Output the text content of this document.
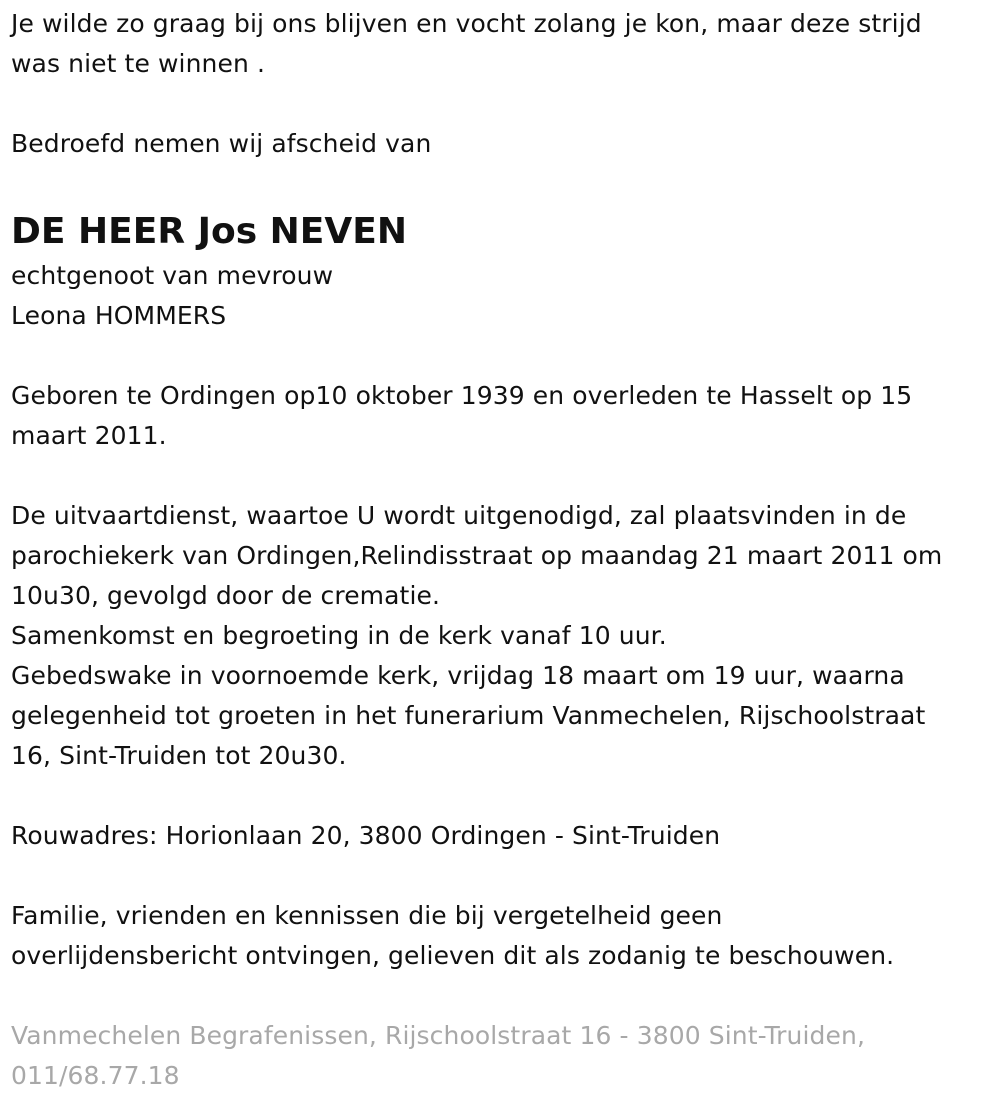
Je wilde zo graag bij ons blijven en vocht zolang je kon, maar deze strijd

was niet te winnen .

Bedroefd nemen wij afscheid van

DE HEER Jos NEVEN

echtgenoot van mevrouw

Leona HOMMERS

Geboren te Ordingen op10 oktober 1939 en overleden te Hasselt op 15

maart 2011.

De uitvaartdienst, waartoe U wordt uitgenodigd, zal plaatsvinden in de

parochiekerk van Ordingen,Relindisstraat op maandag 21 maart 2011 om

10u30, gevolgd door de crematie.

Samenkomst en begroeting in de kerk vanaf 10 uur.

Gebedswake in voornoemde kerk, vrijdag 18 maart om 19 uur, waarna

gelegenheid tot groeten in het funerarium Vanmechelen, Rijschoolstraat

16, Sint-Truiden tot 20u30.

Rouwadres: Horionlaan 20, 3800 Ordingen - Sint-Truiden

Familie, vrienden en kennissen die bij vergetelheid geen

overlijdensbericht ontvingen, gelieven dit als zodanig te beschouwen.

Vanmechelen Begrafenissen, Rijschoolstraat 16 - 3800 Sint-Truiden,

011/68.77.18
